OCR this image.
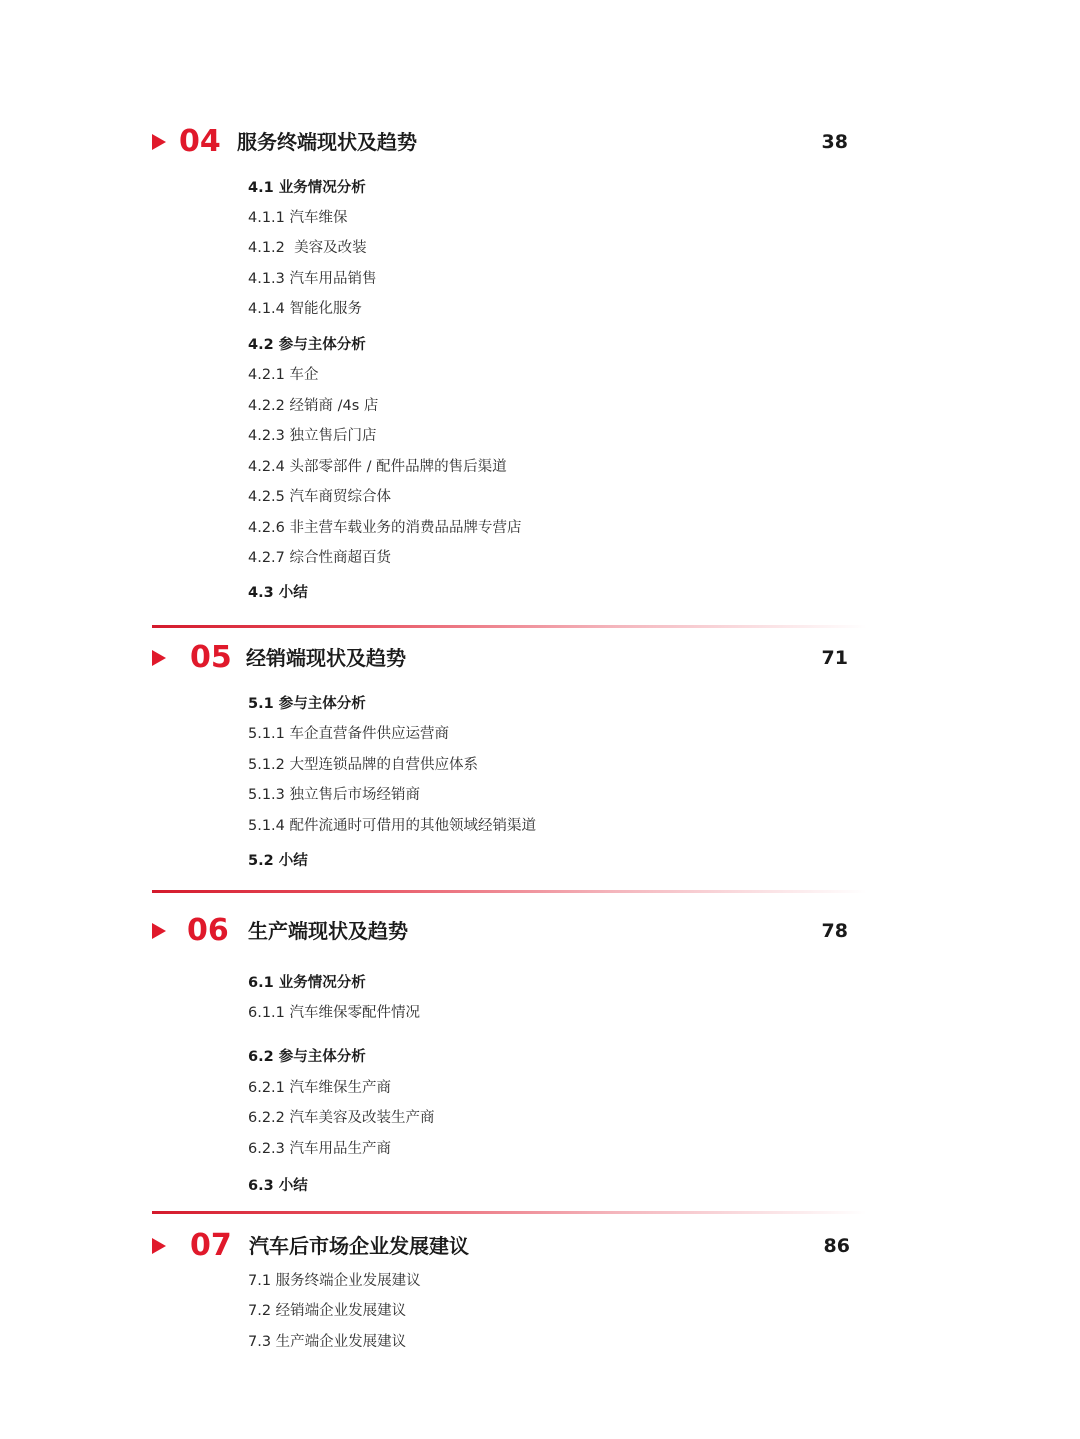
04 服务终端现状及趋势	38
4.1 业务情况分析
4.1.1 汽车维保
4.1.2  美容及改装
4.1.3 汽车用品销售
4.1.4 智能化服务
4.2 参与主体分析
4.2.1 车企
4.2.2 经销商 /4s 店
4.2.3 独立售后门店
4.2.4 头部零部件 / 配件品牌的售后渠道
4.2.5 汽车商贸综合体
4.2.6 非主营车载业务的消费品品牌专营店
4.2.7 综合性商超百货
4.3 小结
05 经销端现状及趋势	71
5.1 参与主体分析
5.1.1 车企直营备件供应运营商
5.1.2 大型连锁品牌的自营供应体系
5.1.3 独立售后市场经销商
5.1.4 配件流通时可借用的其他领域经销渠道
5.2 小结
06 生产端现状及趋势	78
6.1 业务情况分析
6.1.1 汽车维保零配件情况
6.2 参与主体分析
6.2.1 汽车维保生产商
6.2.2 汽车美容及改装生产商
6.2.3 汽车用品生产商
6.3 小结
07 汽车后市场企业发展建议	86
7.1 服务终端企业发展建议
7.2 经销端企业发展建议
7.3 生产端企业发展建议
